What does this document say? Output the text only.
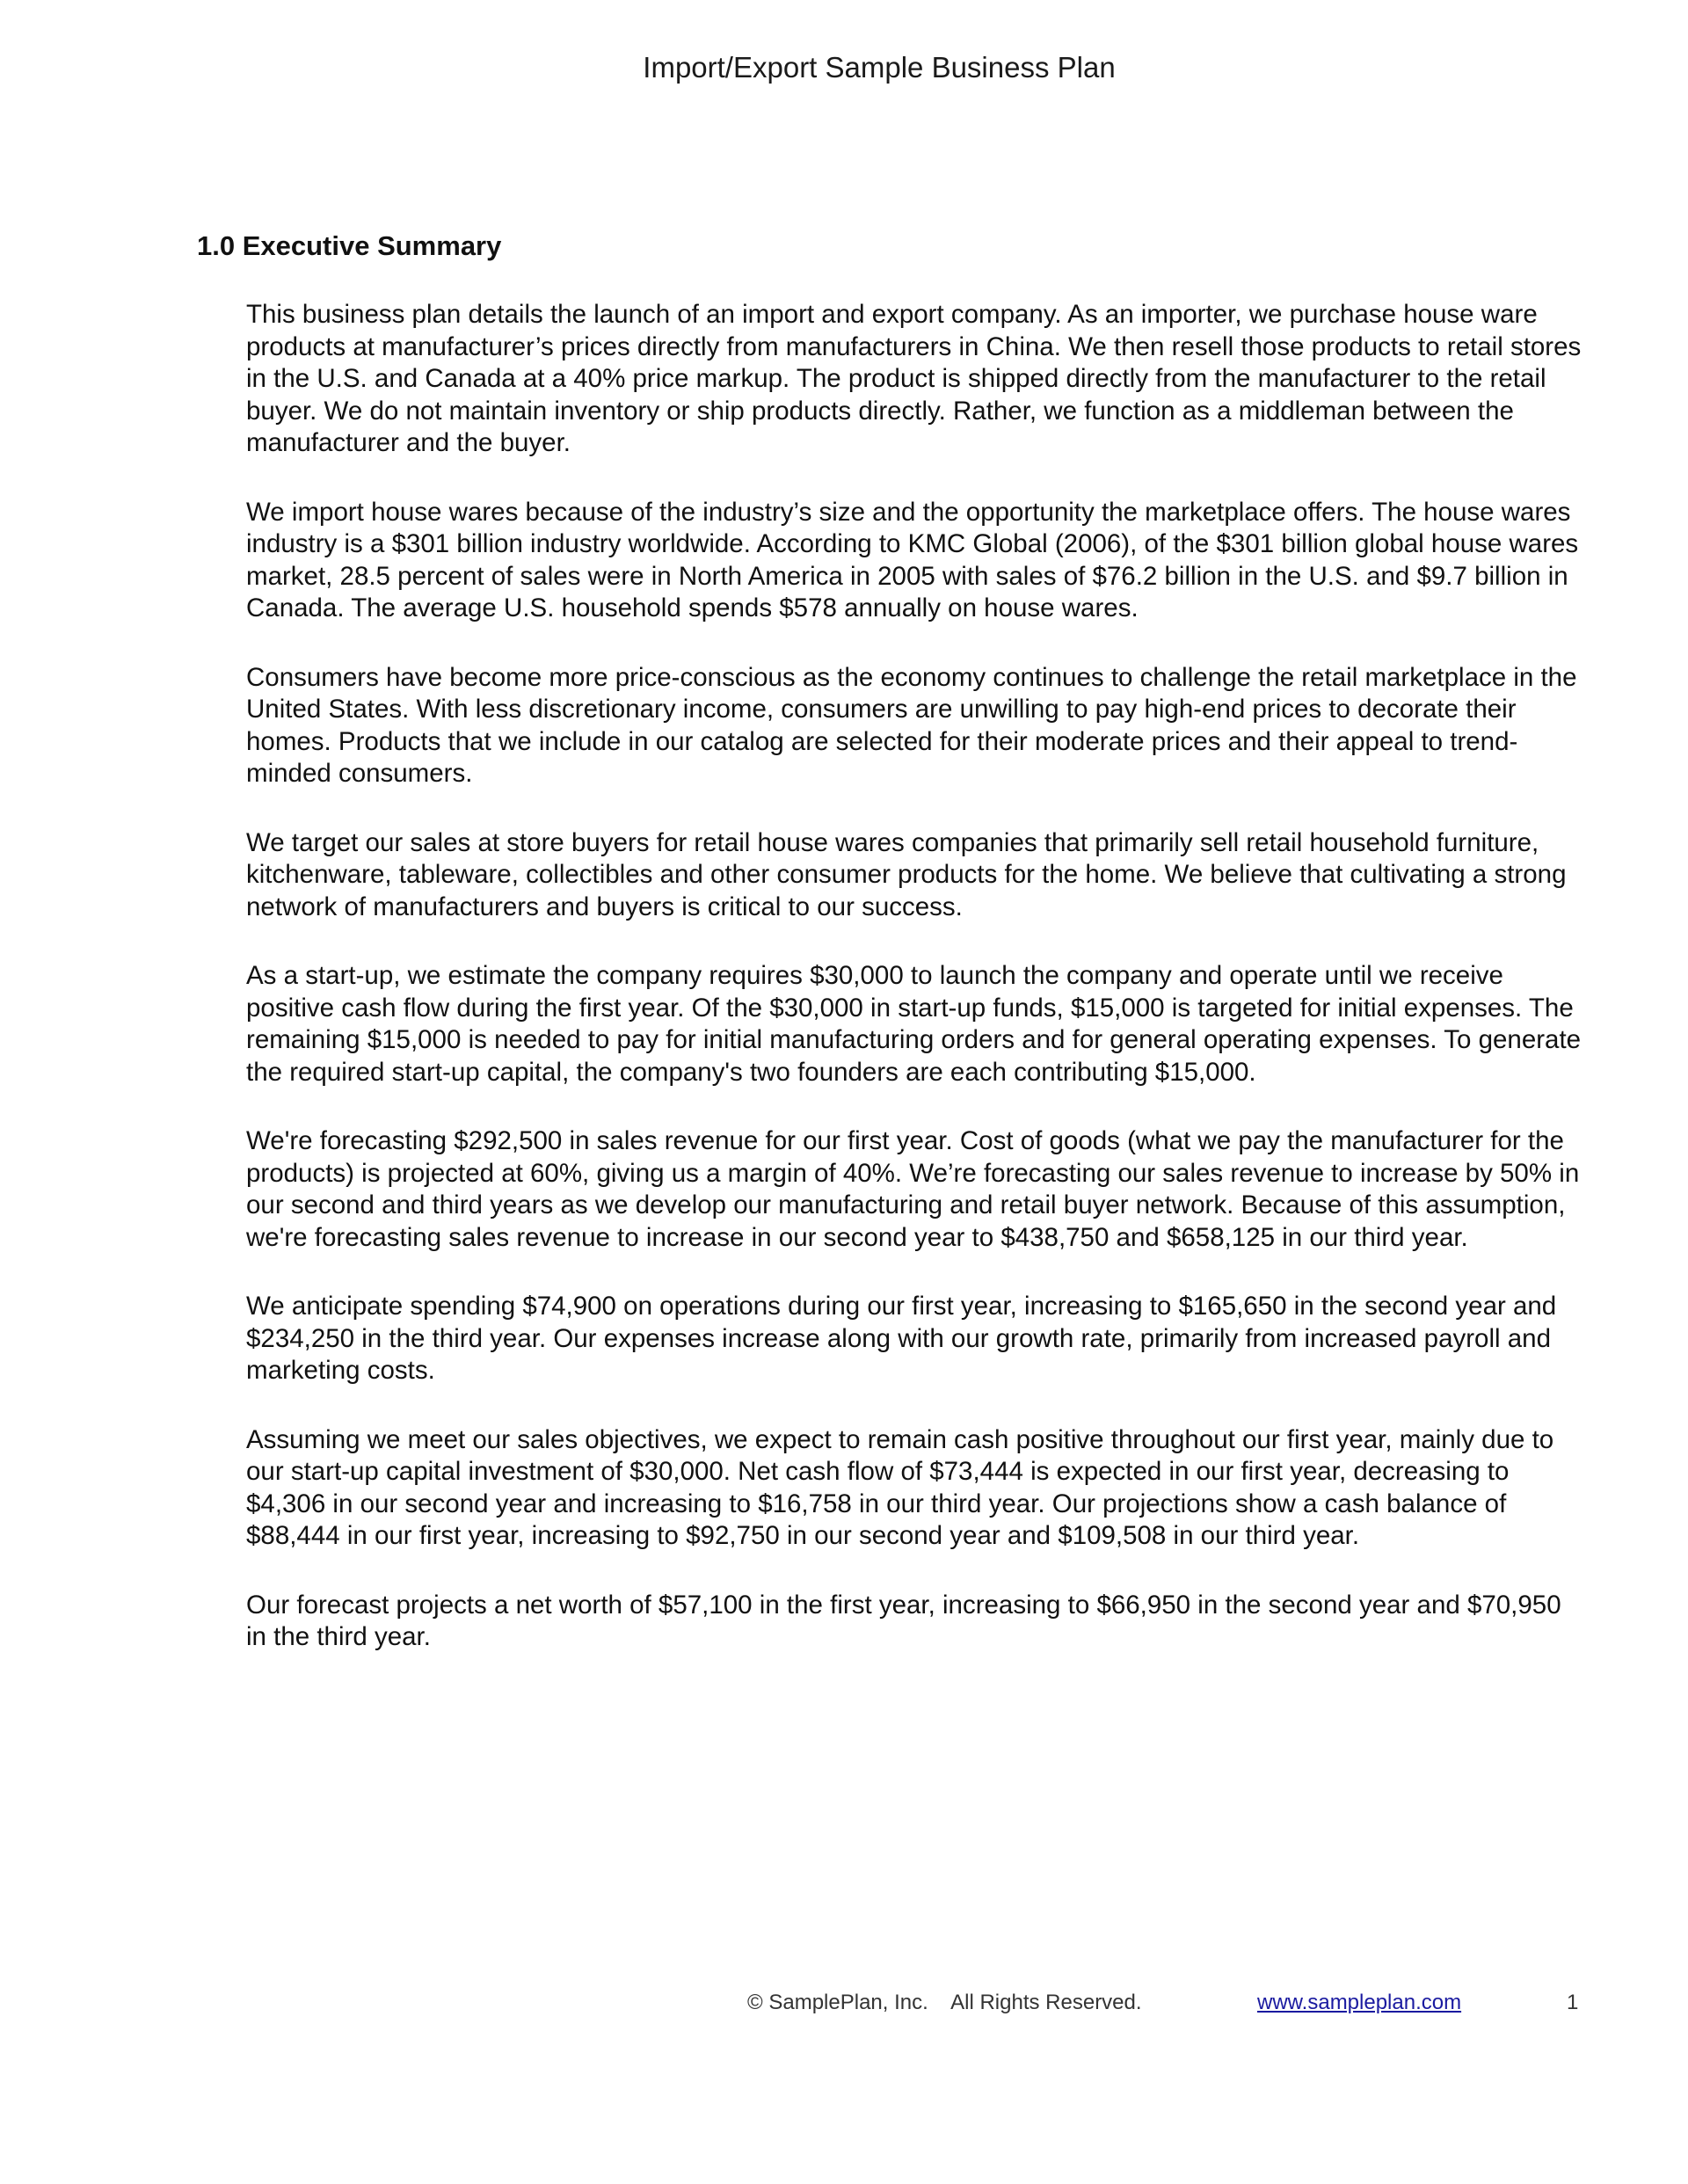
Import/Export Sample Business Plan
1.0 Executive Summary

This business plan details the launch of an import and export company. As an importer, we purchase house ware products at manufacturer’s prices directly from manufacturers in China. We then resell those products to retail stores in the U.S. and Canada at a 40% price markup. The product is shipped directly from the manufacturer to the retail buyer. We do not maintain inventory or ship products directly. Rather, we function as a middleman between the manufacturer and the buyer.

We import house wares because of the industry’s size and the opportunity the marketplace offers. The house wares industry is a $301 billion industry worldwide. According to KMC Global (2006), of the $301 billion global house wares market, 28.5 percent of sales were in North America in 2005 with sales of $76.2 billion in the U.S. and $9.7 billion in Canada. The average U.S. household spends $578 annually on house wares.

Consumers have become more price-conscious as the economy continues to challenge the retail marketplace in the United States. With less discretionary income, consumers are unwilling to pay high-end prices to decorate their homes. Products that we include in our catalog are selected for their moderate prices and their appeal to trend-minded consumers.

We target our sales at store buyers for retail house wares companies that primarily sell retail household furniture, kitchenware, tableware, collectibles and other consumer products for the home. We believe that cultivating a strong network of manufacturers and buyers is critical to our success.

As a start-up, we estimate the company requires $30,000 to launch the company and operate until we receive positive cash flow during the first year. Of the $30,000 in start-up funds, $15,000 is targeted for initial expenses. The remaining $15,000 is needed to pay for initial manufacturing orders and for general operating expenses. To generate the required start-up capital, the company's two founders are each contributing $15,000.

We're forecasting $292,500 in sales revenue for our first year. Cost of goods (what we pay the manufacturer for the products) is projected at 60%, giving us a margin of 40%. We’re forecasting our sales revenue to increase by 50% in our second and third years as we develop our manufacturing and retail buyer network. Because of this assumption, we're forecasting sales revenue to increase in our second year to $438,750 and $658,125 in our third year.

We anticipate spending $74,900 on operations during our first year, increasing to $165,650 in the second year and $234,250 in the third year. Our expenses increase along with our growth rate, primarily from increased payroll and marketing costs.

Assuming we meet our sales objectives, we expect to remain cash positive throughout our first year, mainly due to our start-up capital investment of $30,000. Net cash flow of $73,444 is expected in our first year, decreasing to $4,306 in our second year and increasing to $16,758 in our third year. Our projections show a cash balance of $88,444 in our first year, increasing to $92,750 in our second year and $109,508 in our third year.

Our forecast projects a net worth of $57,100 in the first year, increasing to $66,950 in the second year and $70,950 in the third year.

© SamplePlan, Inc.    All Rights Reserved.	www.sampleplan.com	1
